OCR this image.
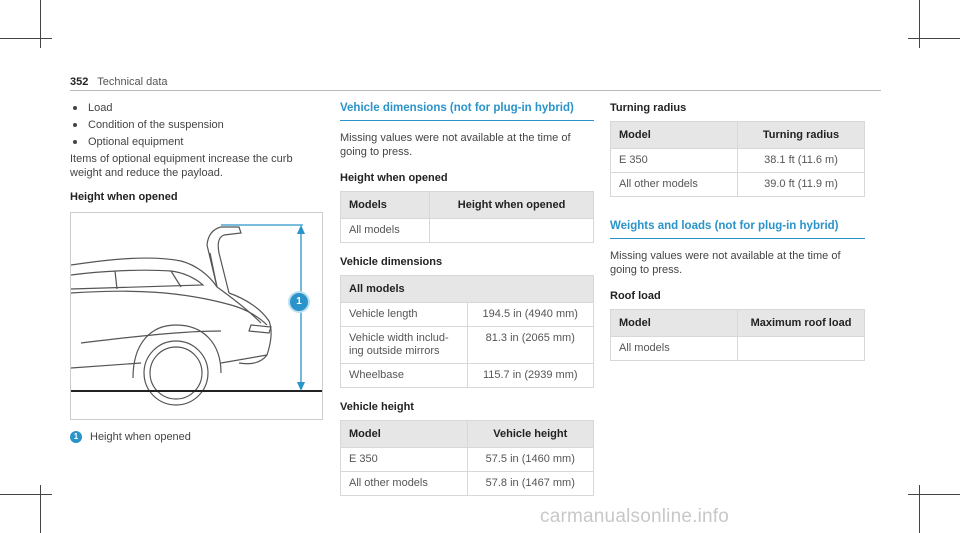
352 Technical data
Load
Condition of the suspension
Optional equipment

Items of optional equipment increase the curb weight and reduce the payload.

Height when opened
1
1	Height when opened
Vehicle dimensions (not for plug-in hybrid)

Missing values were not available at the time of going to press.

Height when opened
Models	Height when opened
All models	
Vehicle dimensions
All models	
Vehicle length	194.5 in (4940 mm)
Vehicle width includ-ing outside mirrors	81.3 in (2065 mm)
Wheelbase	115.7 in (2939 mm)
Vehicle height
Model	Vehicle height
E 350	57.5 in (1460 mm)
All other models	57.8 in (1467 mm)
Turning radius
Model	Turning radius
E 350	38.1 ft (11.6 m)
All other models	39.0 ft (11.9 m)
Weights and loads (not for plug-in hybrid)

Missing values were not available at the time of going to press.

Roof load
Model	Maximum roof load
All models	
carmanualsonline.info
